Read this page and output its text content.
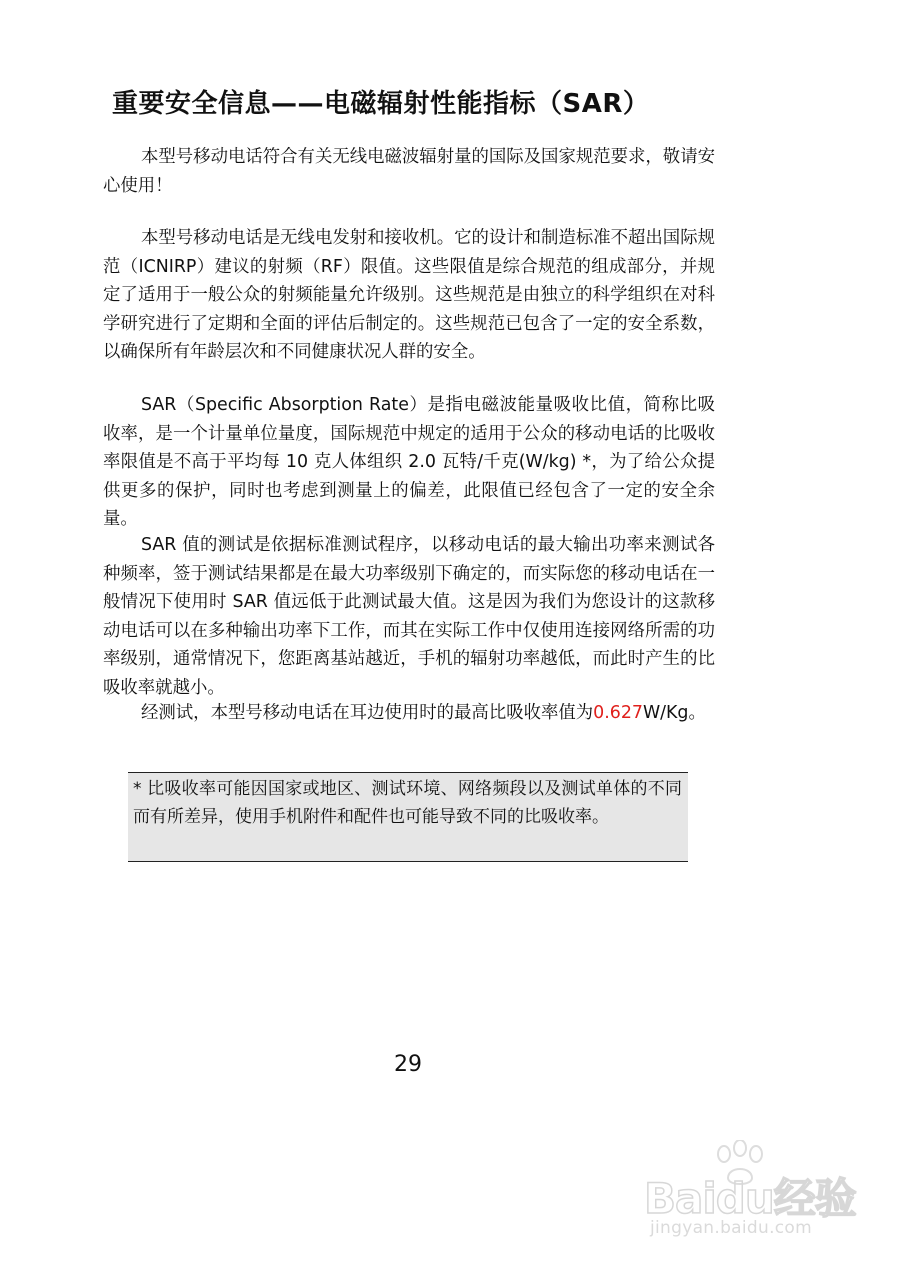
重要安全信息——电磁辐射性能指标（SAR）

本型号移动电话符合有关无线电磁波辐射量的国际及国家规范要求，敬请安心使用！

本型号移动电话是无线电发射和接收机。它的设计和制造标准不超出国际规范（ICNIRP）建议的射频（RF）限值。这些限值是综合规范的组成部分，并规定了适用于一般公众的射频能量允许级别。这些规范是由独立的科学组织在对科学研究进行了定期和全面的评估后制定的。这些规范已包含了一定的安全系数，以确保所有年龄层次和不同健康状况人群的安全。

SAR（Specific Absorption Rate）是指电磁波能量吸收比值，简称比吸收率，是一个计量单位量度，国际规范中规定的适用于公众的移动电话的比吸收率限值是不高于平均每 10 克人体组织 2.0 瓦特/千克(W/kg) *，为了给公众提供更多的保护，同时也考虑到测量上的偏差，此限值已经包含了一定的安全余量。

SAR 值的测试是依据标准测试程序，以移动电话的最大输出功率来测试各种频率，签于测试结果都是在最大功率级别下确定的，而实际您的移动电话在一般情况下使用时 SAR 值远低于此测试最大值。这是因为我们为您设计的这款移动电话可以在多种输出功率下工作，而其在实际工作中仅使用连接网络所需的功率级别，通常情况下，您距离基站越近，手机的辐射功率越低，而此时产生的比吸收率就越小。

经测试，本型号移动电话在耳边使用时的最高比吸收率值为0.627W/Kg。

* 比吸收率可能因国家或地区、测试环境、网络频段以及测试单体的不同而有所差异，使用手机附件和配件也可能导致不同的比吸收率。

29
Baidu经验
jingyan.baidu.com
